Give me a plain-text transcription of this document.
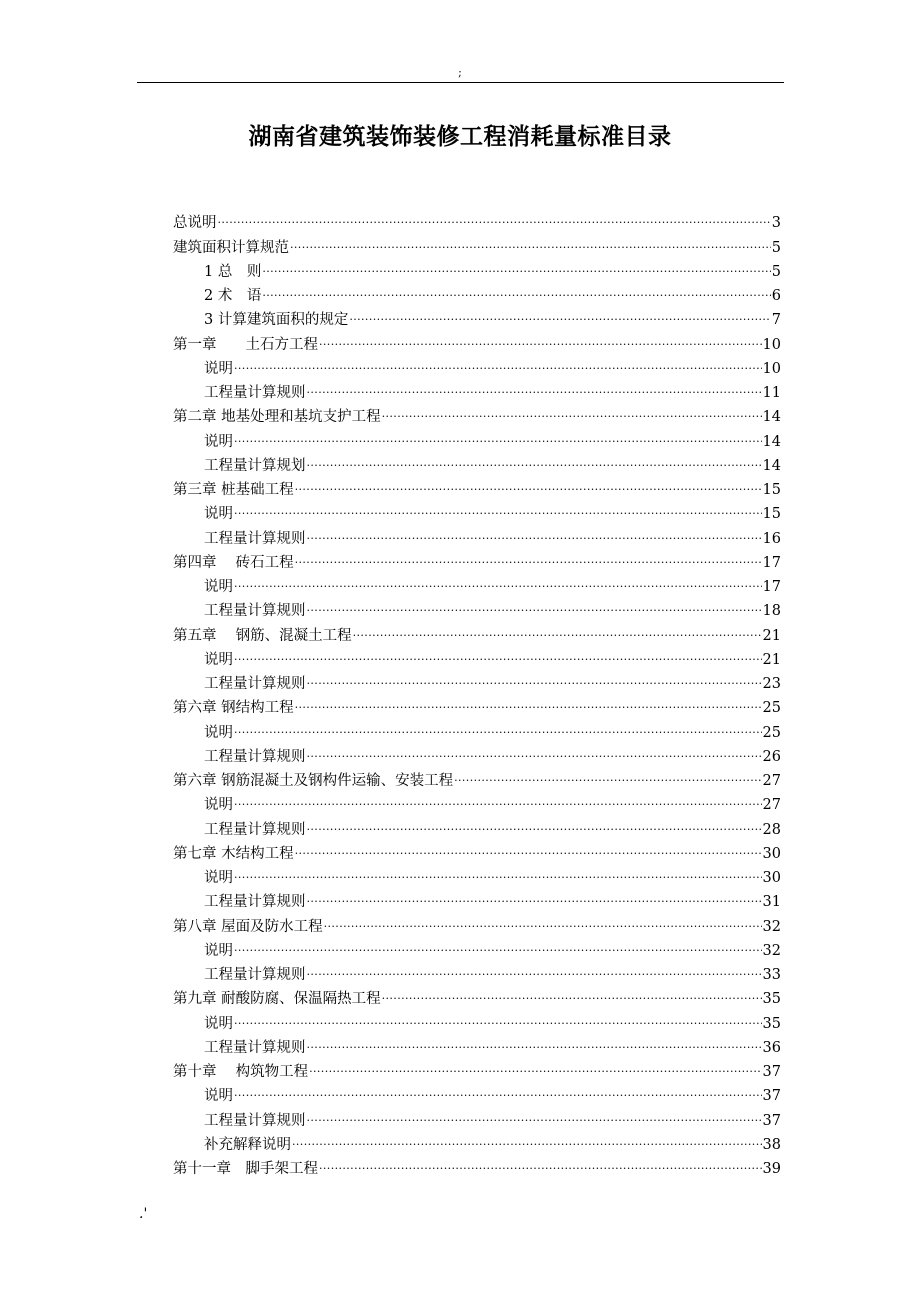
;
湖南省建筑装饰装修工程消耗量标准目录
总说明 .....	3
建筑面积计算规范 .....	5
1 总　则 .....	5
2 术　语 .....	6
3 计算建筑面积的规定 .....	7
第一章　　土石方工程 .....	10
说明 .....	10
工程量计算规则 .....	11
第二章 地基处理和基坑支护工程 .....	14
说明 .....	14
工程量计算规划 .....	14
第三章 桩基础工程 .....	15
说明 .....	15
工程量计算规则 .....	16
第四章　 砖石工程 .....	17
说明 .....	17
工程量计算规则 .....	18
第五章　 钢筋、混凝土工程 .....	21
说明 .....	21
工程量计算规则 .....	23
第六章 钢结构工程 .....	25
说明 .....	25
工程量计算规则 .....	26
第六章 钢筋混凝土及钢构件运输、安装工程 .....	27
说明 .....	27
工程量计算规则 .....	28
第七章 木结构工程 .....	30
说明 .....	30
工程量计算规则 .....	31
第八章 屋面及防水工程 .....	32
说明 .....	32
工程量计算规则 .....	33
第九章 耐酸防腐、保温隔热工程 .....	35
说明 .....	35
工程量计算规则 .....	36
第十章　 构筑物工程 .....	37
说明 .....	37
工程量计算规则 .....	37
补充解释说明 .....	38
第十一章　脚手架工程 .....	39
.'
